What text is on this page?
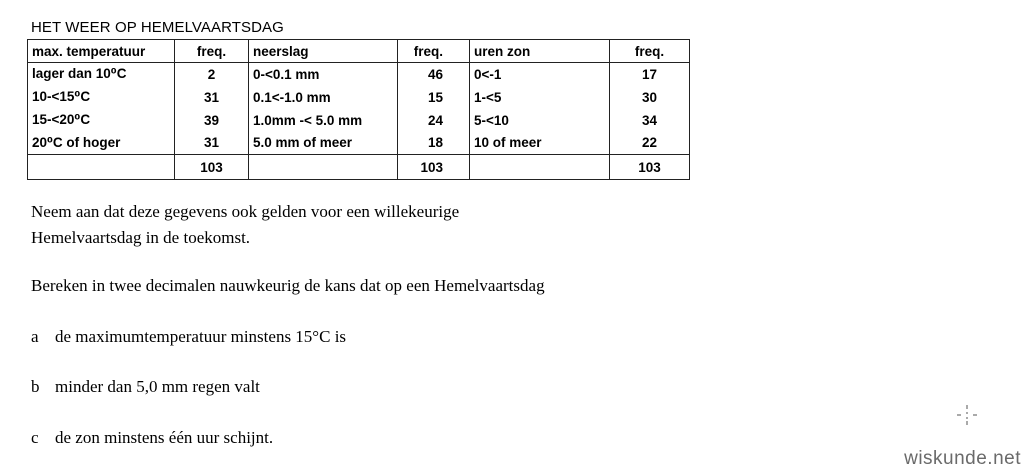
HET WEER OP HEMELVAARTSDAG
max. temperatuur	freq.	neerslag	freq.	uren zon	freq.
lager dan 10⁰C	2	0-<0.1 mm	46	0<-1	17
10-<15⁰C	31	0.1<-1.0 mm	15	1-<5	30
15-<20⁰C	39	1.0mm -< 5.0 mm	24	5-<10	34
20⁰C of hoger	31	5.0 mm of meer	18	10 of meer	22
	103		103		103
Neem aan dat deze gegevens ook gelden voor een willekeurige
Hemelvaartsdag in de toekomst.
Bereken in twee decimalen nauwkeurig de kans dat op een Hemelvaartsdag
a de maximumtemperatuur minstens 15°C is
b minder dan 5,0 mm regen valt
c de zon minstens één uur schijnt.
wiskunde.net
